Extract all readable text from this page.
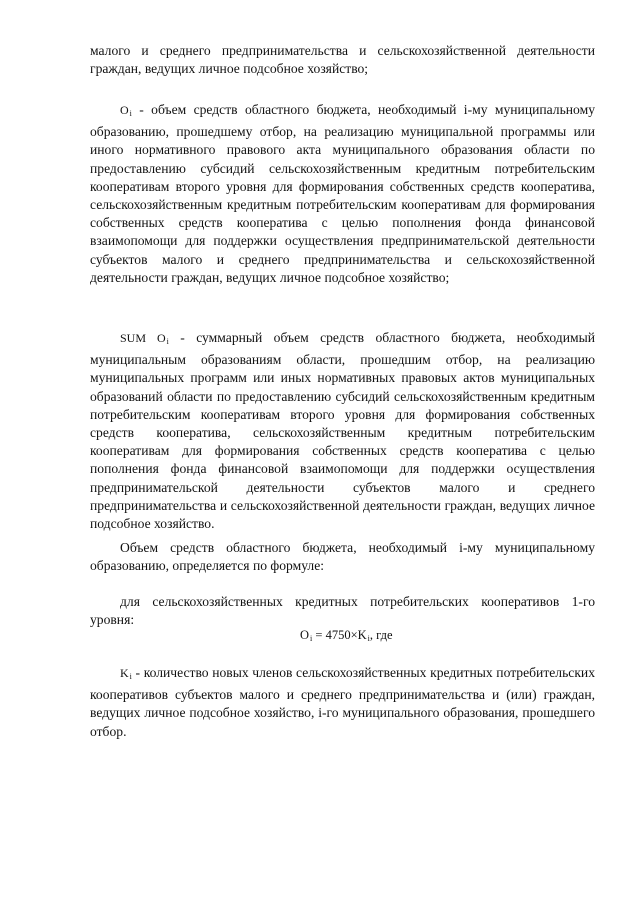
малого и среднего предпринимательства и сельскохозяйственной деятельности граждан, ведущих личное подсобное хозяйство;

$O_i$ - объем средств областного бюджета, необходимый i-му муниципальному образованию, прошедшему отбор, на реализацию муниципальной программы или иного нормативного правового акта муниципального образования области по предоставлению субсидий сельскохозяйственным кредитным потребительским кооперативам второго уровня для формирования собственных средств кооператива, сельскохозяйственным кредитным потребительским кооперативам для формирования собственных средств кооператива с целью пополнения фонда финансовой взаимопомощи для поддержки осуществления предпринимательской деятельности субъектов малого и среднего предпринимательства и сельскохозяйственной деятельности граждан, ведущих личное подсобное хозяйство;

SUM $O_i$ - суммарный объем средств областного бюджета, необходимый муниципальным образованиям области, прошедшим отбор, на реализацию муниципальных программ или иных нормативных правовых актов муниципальных образований области по предоставлению субсидий сельскохозяйственным кредитным потребительским кооперативам второго уровня для формирования собственных средств кооператива, сельскохозяйственным кредитным потребительским кооперативам для формирования собственных средств кооператива с целью пополнения фонда финансовой взаимопомощи для поддержки осуществления предпринимательской деятельности субъектов малого и среднего предпринимательства и сельскохозяйственной деятельности граждан, ведущих личное подсобное хозяйство.

Объем средств областного бюджета, необходимый i-му муниципальному образованию, определяется по формуле:

для сельскохозяйственных кредитных потребительских кооперативов 1-го уровня:

$O_i = 4750\times K_i$, где

$K_i$ - количество новых членов сельскохозяйственных кредитных потребительских кооперативов субъектов малого и среднего предпринимательства и (или) граждан, ведущих личное подсобное хозяйство, i-го муниципального образования, прошедшего отбор.
